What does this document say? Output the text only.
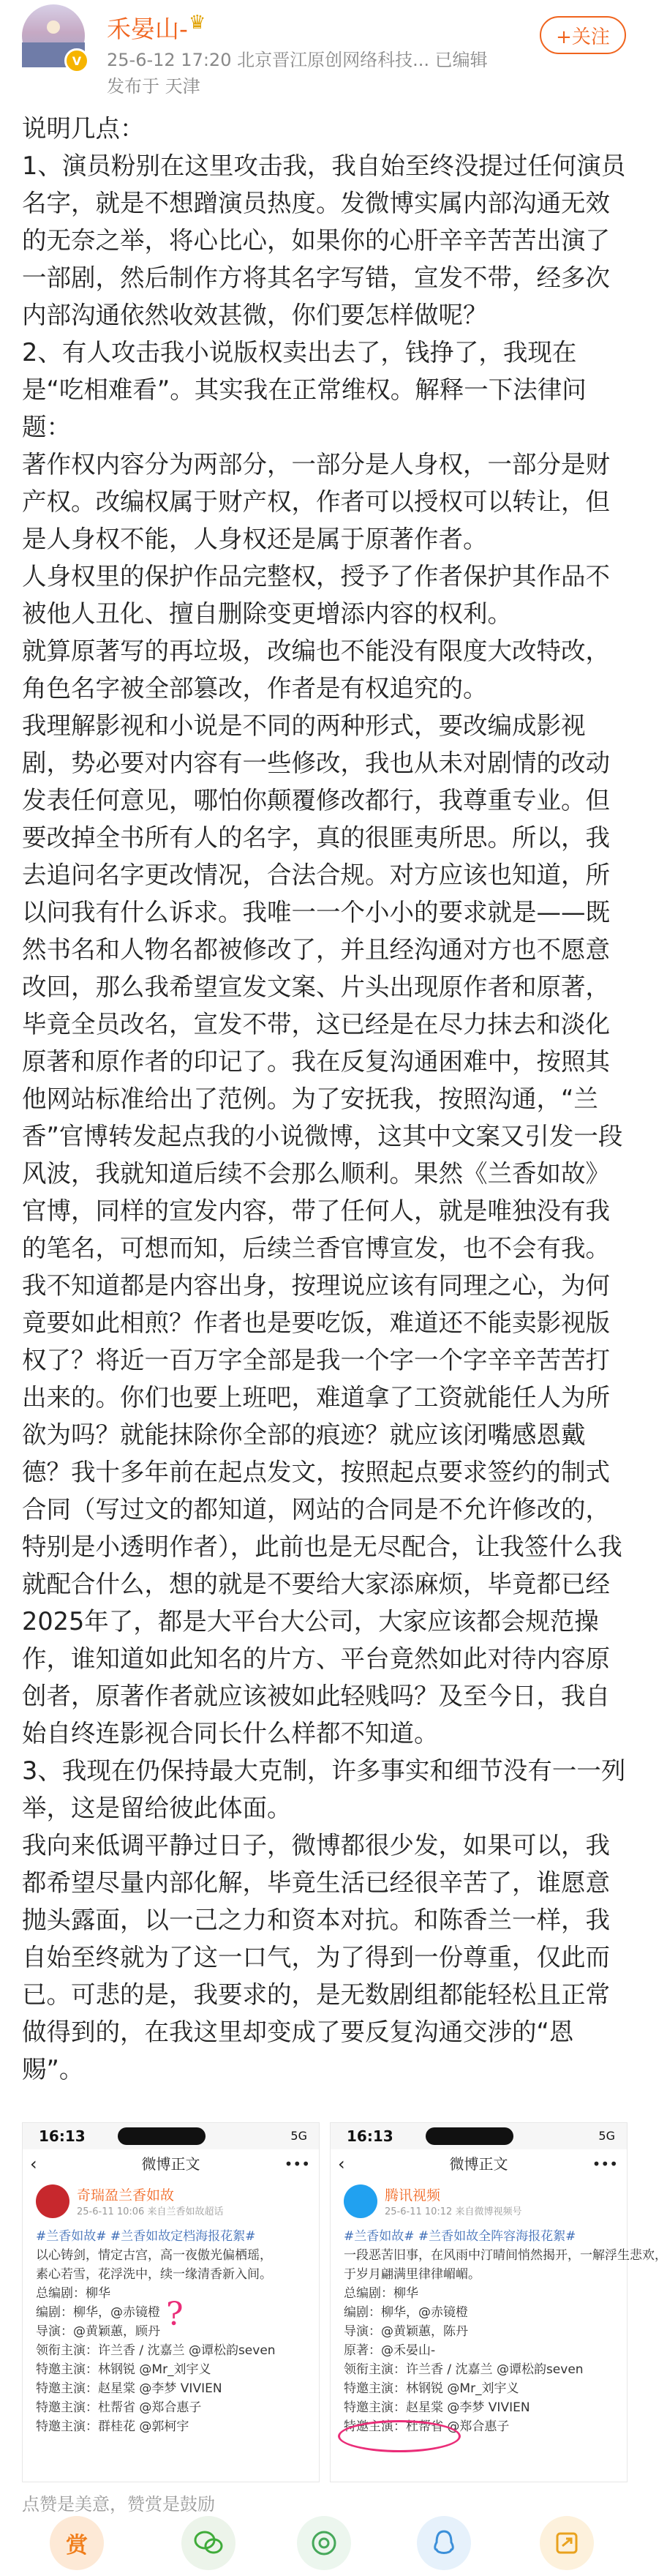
V
禾晏山- ♛
25-6-12 17:20 北京晋江原创网络科技... 已编辑
发布于 天津
+关注

说明几点：

1、演员粉别在这里攻击我，我自始至终没提过任何演员名字，就是不想蹭演员热度。发微博实属内部沟通无效的无奈之举，将心比心，如果你的心肝辛辛苦苦出演了一部剧，然后制作方将其名字写错，宣发不带，经多次内部沟通依然收效甚微，你们要怎样做呢？

2、有人攻击我小说版权卖出去了，钱挣了，我现在是“吃相难看”。其实我在正常维权。解释一下法律问题：

著作权内容分为两部分，一部分是人身权，一部分是财产权。改编权属于财产权，作者可以授权可以转让，但是人身权不能，人身权还是属于原著作者。

人身权里的保护作品完整权，授予了作者保护其作品不被他人丑化、擅自删除变更增添内容的权利。

就算原著写的再垃圾，改编也不能没有限度大改特改，角色名字被全部篡改，作者是有权追究的。

我理解影视和小说是不同的两种形式，要改编成影视剧，势必要对内容有一些修改，我也从未对剧情的改动发表任何意见，哪怕你颠覆修改都行，我尊重专业。但要改掉全书所有人的名字，真的很匪夷所思。所以，我去追问名字更改情况，合法合规。对方应该也知道，所以问我有什么诉求。我唯一一个小小的要求就是——既然书名和人物名都被修改了，并且经沟通对方也不愿意改回，那么我希望宣发文案、片头出现原作者和原著，毕竟全员改名，宣发不带，这已经是在尽力抹去和淡化原著和原作者的印记了。我在反复沟通困难中，按照其他网站标准给出了范例。为了安抚我，按照沟通，“兰香”官博转发起点我的小说微博，这其中文案又引发一段风波，我就知道后续不会那么顺利。果然《兰香如故》官博，同样的宣发内容，带了任何人，就是唯独没有我的笔名，可想而知，后续兰香官博宣发，也不会有我。我不知道都是内容出身，按理说应该有同理之心，为何竟要如此相煎？作者也是要吃饭，难道还不能卖影视版权了？将近一百万字全部是我一个字一个字辛辛苦苦打出来的。你们也要上班吧，难道拿了工资就能任人为所欲为吗？就能抹除你全部的痕迹？就应该闭嘴感恩戴德？我十多年前在起点发文，按照起点要求签约的制式合同（写过文的都知道，网站的合同是不允许修改的，特别是小透明作者），此前也是无尽配合，让我签什么我就配合什么，想的就是不要给大家添麻烦，毕竟都已经2025年了，都是大平台大公司，大家应该都会规范操作，谁知道如此知名的片方、平台竟然如此对待内容原创者，原著作者就应该被如此轻贱吗？及至今日，我自始自终连影视合同长什么样都不知道。

3、我现在仍保持最大克制，许多事实和细节没有一一列举，这是留给彼此体面。

我向来低调平静过日子，微博都很少发，如果可以，我都希望尽量内部化解，毕竟生活已经很辛苦了，谁愿意抛头露面，以一己之力和资本对抗。和陈香兰一样，我自始至终就为了这一口气，为了得到一份尊重，仅此而已。可悲的是，我要求的，是无数剧组都能轻松且正常做得到的，在我这里却变成了要反复沟通交涉的“恩赐”。

16:13	5G
‹	微博正文	•••
奇瑞盈兰香如故
25-6-11 10:06 来自兰香如故超话
#兰香如故# #兰香如故定档海报花絮#
以心铸剑，情定古宫，高一夜傲光偏栖瑶，
素心若雪，花浮洗中，续一缘清香新入间。
总编剧：柳华
编剧：柳华，@赤镜橙
导演：@黄颖蕙，顾丹
领衔主演：许兰香 / 沈嘉兰 @谭松韵seven
特邀主演：林钢锐 @Mr_刘宇义
特邀主演：赵星棠 @李梦 VIVIEN
特邀主演：杜帮省 @郑合惠子
特邀主演：群桂花 @郭柯宇
?
16:13	5G
‹	微博正文	•••
腾讯视频
25-6-11 10:12 来自微博视频号
#兰香如故# #兰香如故全阵容海报花絮#
一段恶苦旧事，在风雨中汀晴间悄然揭开，一解浮生悲欢，
于岁月翩满里律律嵋嵋。
总编剧：柳华
编剧：柳华，@赤镜橙
导演：@黄颖蕙，陈丹
原著：@禾晏山-
领衔主演：许兰香 / 沈嘉兰 @谭松韵seven
特邀主演：林钢锐 @Mr_刘宇义
特邀主演：赵星棠 @李梦 VIVIEN
特邀主演：杜帮省 @郑合惠子
点赞是美意，赞赏是鼓励
赏
